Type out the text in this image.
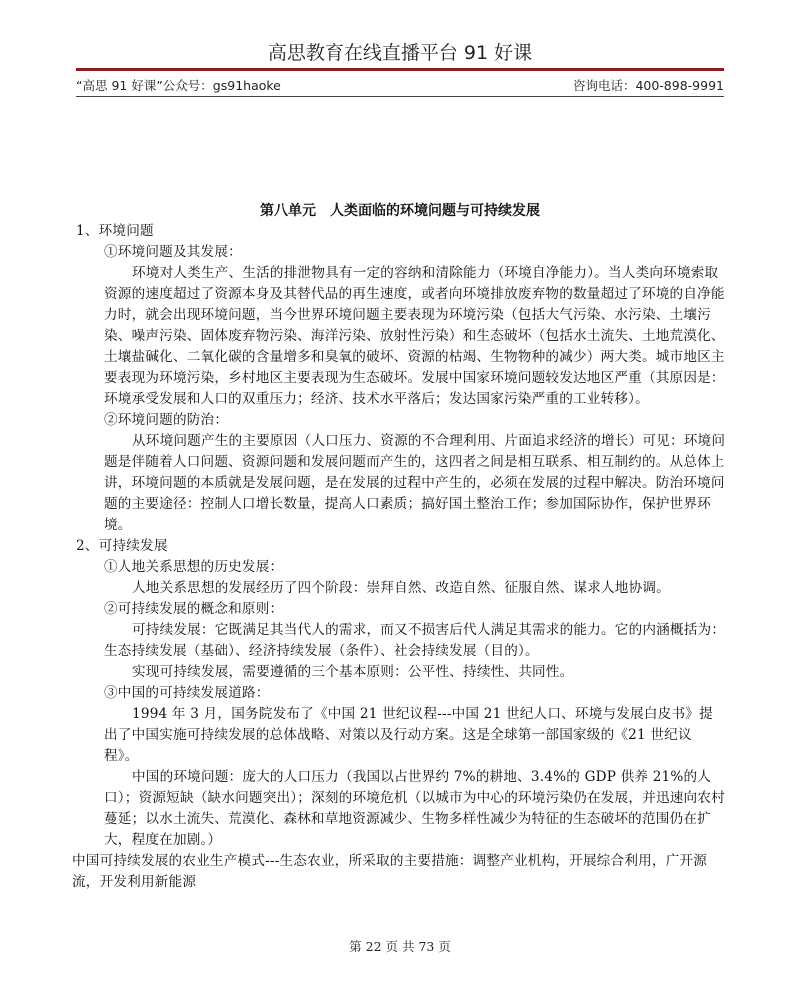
高思教育在线直播平台 91 好课
“高思 91 好课”公众号：gs91haoke	咨询电话：400-898-9991
第八单元　人类面临的环境问题与可持续发展

1、环境问题

①环境问题及其发展：

环境对人类生产、生活的排泄物具有一定的容纳和清除能力（环境自净能力）。当人类向环境索取资源的速度超过了资源本身及其替代品的再生速度，或者向环境排放废弃物的数量超过了环境的自净能力时，就会出现环境问题，当今世界环境问题主要表现为环境污染（包括大气污染、水污染、土壤污染、噪声污染、固体废弃物污染、海洋污染、放射性污染）和生态破坏（包括水土流失、土地荒漠化、土壤盐碱化、二氧化碳的含量增多和臭氧的破坏、资源的枯竭、生物物种的减少）两大类。城市地区主要表现为环境污染，乡村地区主要表现为生态破坏。发展中国家环境问题较发达地区严重（其原因是：环境承受发展和人口的双重压力；经济、技术水平落后；发达国家污染严重的工业转移）。

②环境问题的防治：

从环境问题产生的主要原因（人口压力、资源的不合理利用、片面追求经济的增长）可见：环境问题是伴随着人口问题、资源问题和发展问题而产生的，这四者之间是相互联系、相互制约的。从总体上讲，环境问题的本质就是发展问题，是在发展的过程中产生的，必须在发展的过程中解决。防治环境问题的主要途径：控制人口增长数量，提高人口素质；搞好国土整治工作；参加国际协作，保护世界环境。

2、可持续发展

①人地关系思想的历史发展：

人地关系思想的发展经历了四个阶段：崇拜自然、改造自然、征服自然、谋求人地协调。

②可持续发展的概念和原则：

可持续发展：它既满足其当代人的需求，而又不损害后代人满足其需求的能力。它的内涵概括为：生态持续发展（基础）、经济持续发展（条件）、社会持续发展（目的）。

实现可持续发展，需要遵循的三个基本原则：公平性、持续性、共同性。

③中国的可持续发展道路：

1994 年 3 月，国务院发布了《中国 21 世纪议程---中国 21 世纪人口、环境与发展白皮书》提出了中国实施可持续发展的总体战略、对策以及行动方案。这是全球第一部国家级的《21 世纪议程》。

中国的环境问题：庞大的人口压力（我国以占世界约 7%的耕地、3.4%的 GDP 供养 21%的人口）；资源短缺（缺水问题突出）；深刻的环境危机（以城市为中心的环境污染仍在发展，并迅速向农村蔓延；以水土流失、荒漠化、森林和草地资源减少、生物多样性减少为特征的生态破坏的范围仍在扩大，程度在加剧。）

中国可持续发展的农业生产模式---生态农业，所采取的主要措施：调整产业机构，开展综合利用，广开源流，开发利用新能源

第 22 页 共 73 页
